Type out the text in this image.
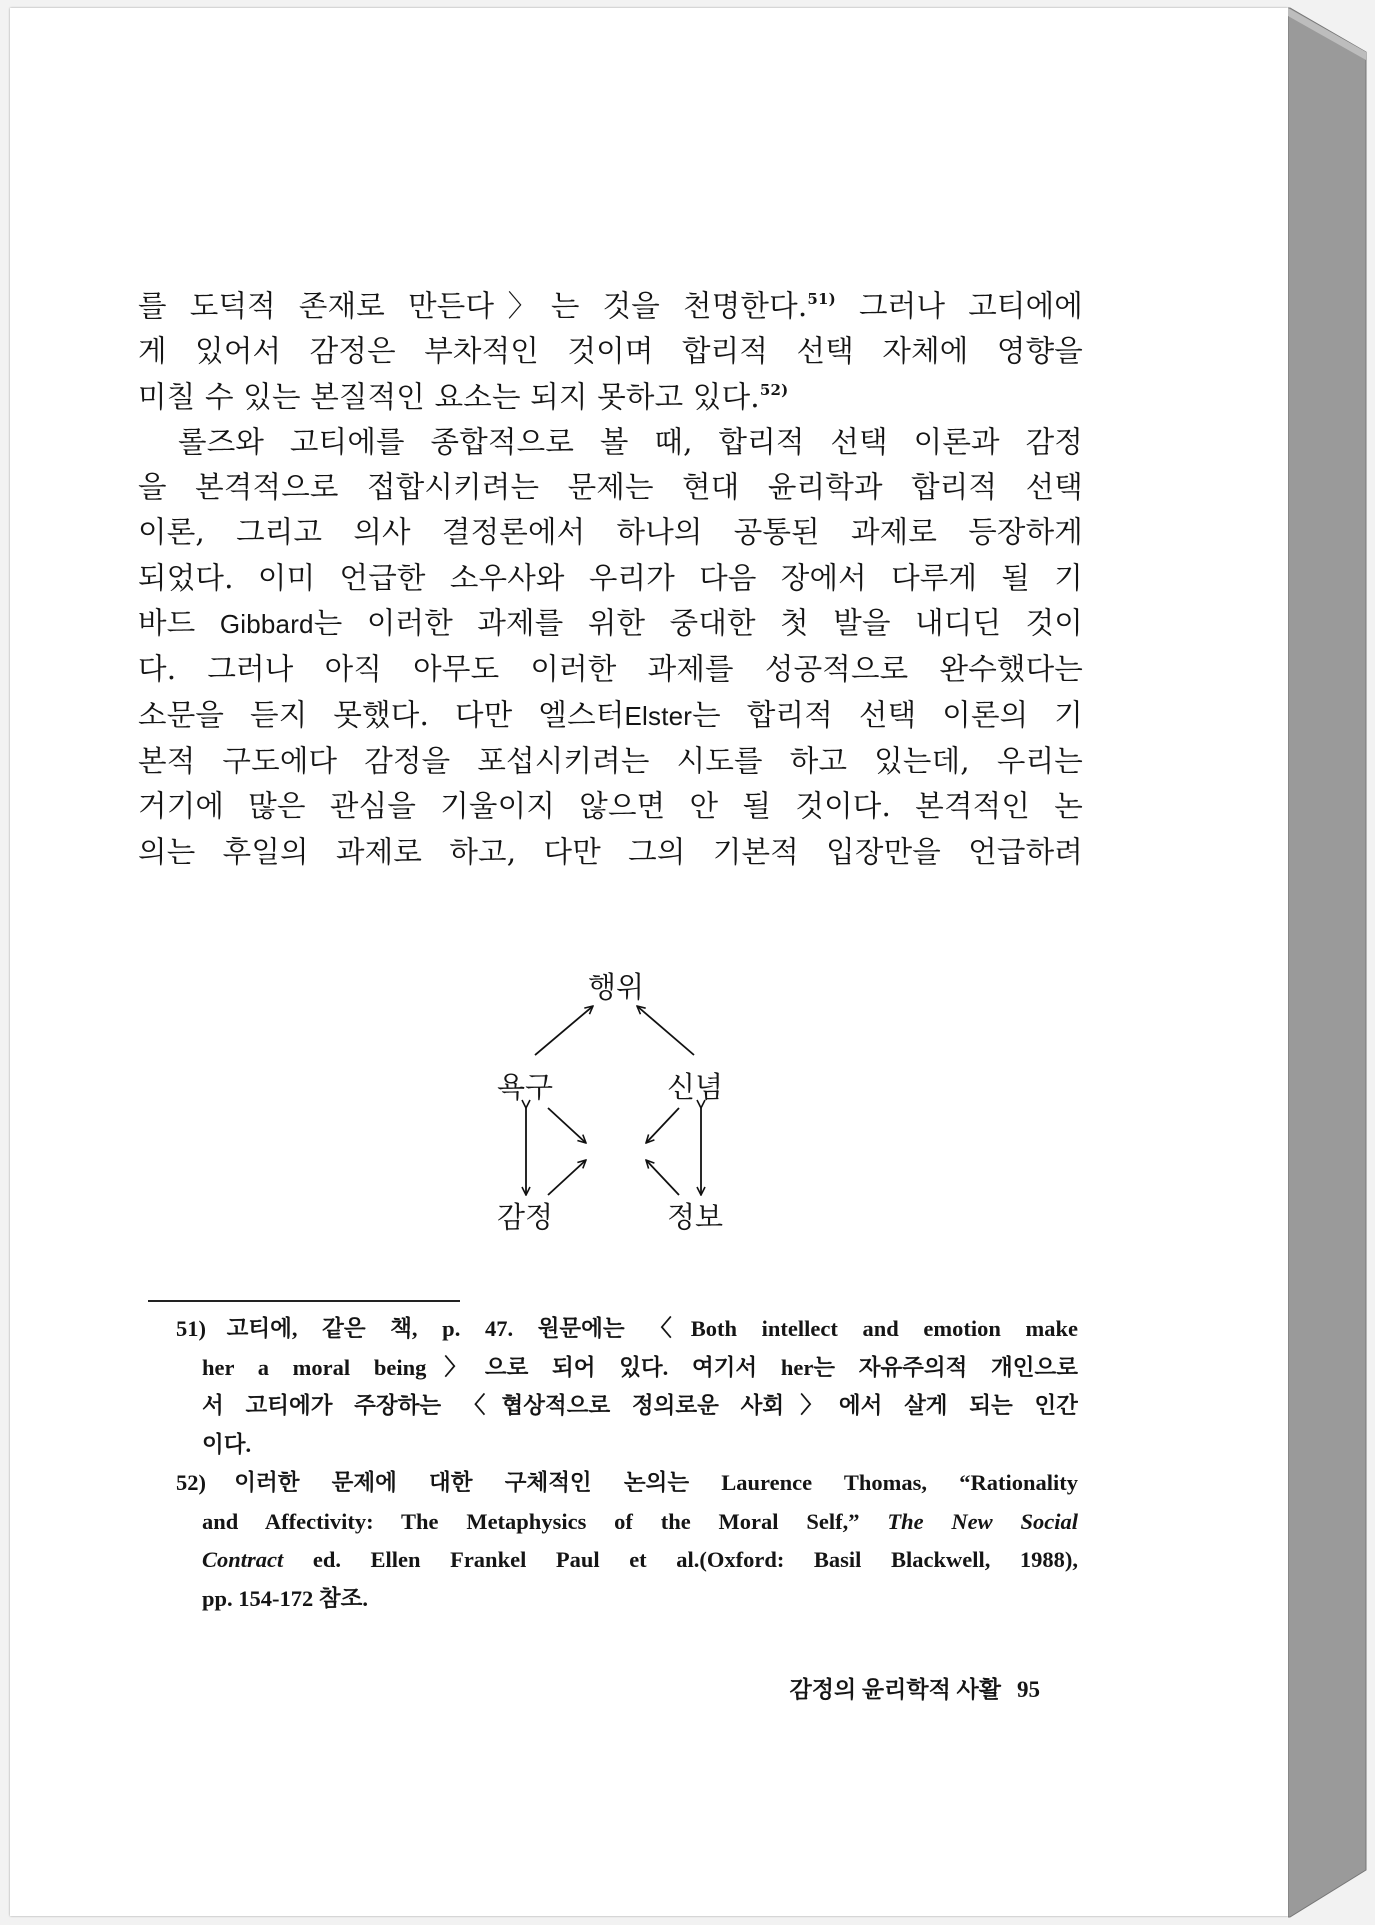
를 도덕적 존재로 만든다〉는 것을 천명한다.$^{51)}$ 그러나 고티에에
게 있어서 감정은 부차적인 것이며 합리적 선택 자체에 영향을
미칠 수 있는 본질적인 요소는 되지 못하고 있다.$^{52)}$
롤즈와 고티에를 종합적으로 볼 때, 합리적 선택 이론과 감정
을 본격적으로 접합시키려는 문제는 현대 윤리학과 합리적 선택
이론, 그리고 의사 결정론에서 하나의 공통된 과제로 등장하게
되었다. 이미 언급한 소우사와 우리가 다음 장에서 다루게 될 기
바드 Gibbard는 이러한 과제를 위한 중대한 첫 발을 내디딘 것이
다. 그러나 아직 아무도 이러한 과제를 성공적으로 완수했다는
소문을 듣지 못했다. 다만 엘스터Elster는 합리적 선택 이론의 기
본적 구도에다 감정을 포섭시키려는 시도를 하고 있는데, 우리는
거기에 많은 관심을 기울이지 않으면 안 될 것이다. 본격적인 논
의는 후일의 과제로 하고, 다만 그의 기본적 입장만을 언급하려
행위
욕구	신념
감정	정보
51) 고티에, 같은 책, p. 47. 원문에는 〈Both intellect and emotion make
her a moral being〉으로 되어 있다. 여기서 her는 자유주의적 개인으로
서 고티에가 주장하는 〈협상적으로 정의로운 사회〉에서 살게 되는 인간
이다.
52) 이러한 문제에 대한 구체적인 논의는 Laurence Thomas, “Rationality
and Affectivity: The Metaphysics of the Moral Self,” The New Social
Contract ed. Ellen Frankel Paul et al.(Oxford: Basil Blackwell, 1988),
pp. 154-172 참조.
감정의 윤리학적 사활 95
